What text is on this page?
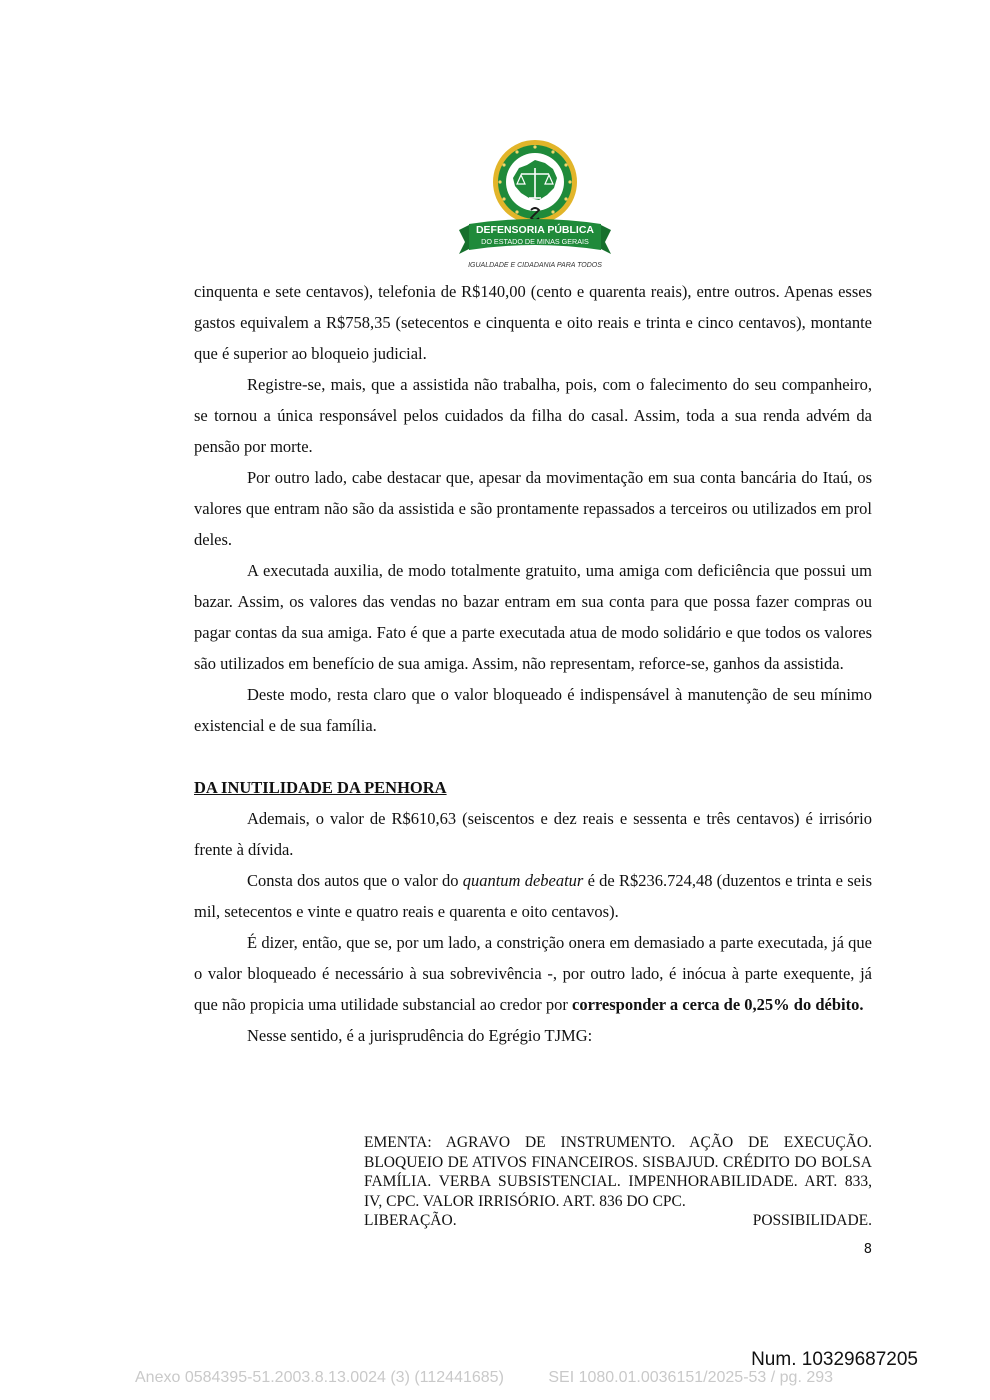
DEFENSORIA PÚBLICA
DO ESTADO DE MINAS GERAIS
IGUALDADE E CIDADANIA PARA TODOS

cinquenta e sete centavos), telefonia de R$140,00 (cento e quarenta reais), entre outros. Apenas esses gastos equivalem a R$758,35 (setecentos e cinquenta e oito reais e trinta e cinco centavos), montante que é superior ao bloqueio judicial.

Registre-se, mais, que a assistida não trabalha, pois, com o falecimento do seu companheiro, se tornou a única responsável pelos cuidados da filha do casal. Assim, toda a sua renda advém da pensão por morte.

Por outro lado, cabe destacar que, apesar da movimentação em sua conta bancária do Itaú, os valores que entram não são da assistida e são prontamente repassados a terceiros ou utilizados em prol deles.

A executada auxilia, de modo totalmente gratuito, uma amiga com deficiência que possui um bazar. Assim, os valores das vendas no bazar entram em sua conta para que possa fazer compras ou pagar contas da sua amiga. Fato é que a parte executada atua de modo solidário e que todos os valores são utilizados em benefício de sua amiga. Assim, não representam, reforce-se, ganhos da assistida.

Deste modo, resta claro que o valor bloqueado é indispensável à manutenção de seu mínimo existencial e de sua família.

DA INUTILIDADE DA PENHORA

Ademais, o valor de R$610,63 (seiscentos e dez reais e sessenta e três centavos) é irrisório frente à dívida.

Consta dos autos que o valor do quantum debeatur é de R$236.724,48 (duzentos e trinta e seis mil, setecentos e vinte e quatro reais e quarenta e oito centavos).

É dizer, então, que se, por um lado, a constrição onera em demasiado a parte executada, já que o valor bloqueado é necessário à sua sobrevivência -, por outro lado, é inócua à parte exequente, já que não propicia uma utilidade substancial ao credor por corresponder a cerca de 0,25% do débito.

Nesse sentido, é a jurisprudência do Egrégio TJMG:

EMENTA: AGRAVO DE INSTRUMENTO. AÇÃO DE EXECUÇÃO. BLOQUEIO DE ATIVOS FINANCEIROS. SISBAJUD. CRÉDITO DO BOLSA FAMÍLIA. VERBA SUBSISTENCIAL. IMPENHORABILIDADE. ART. 833, IV, CPC. VALOR IRRISÓRIO. ART. 836 DO CPC.
LIBERAÇÃO.	POSSIBILIDADE.
8
Num. 10329687205
Anexo 0584395-51.2003.8.13.0024 (3) (112441685)	SEI 1080.01.0036151/2025-53 / pg. 293
